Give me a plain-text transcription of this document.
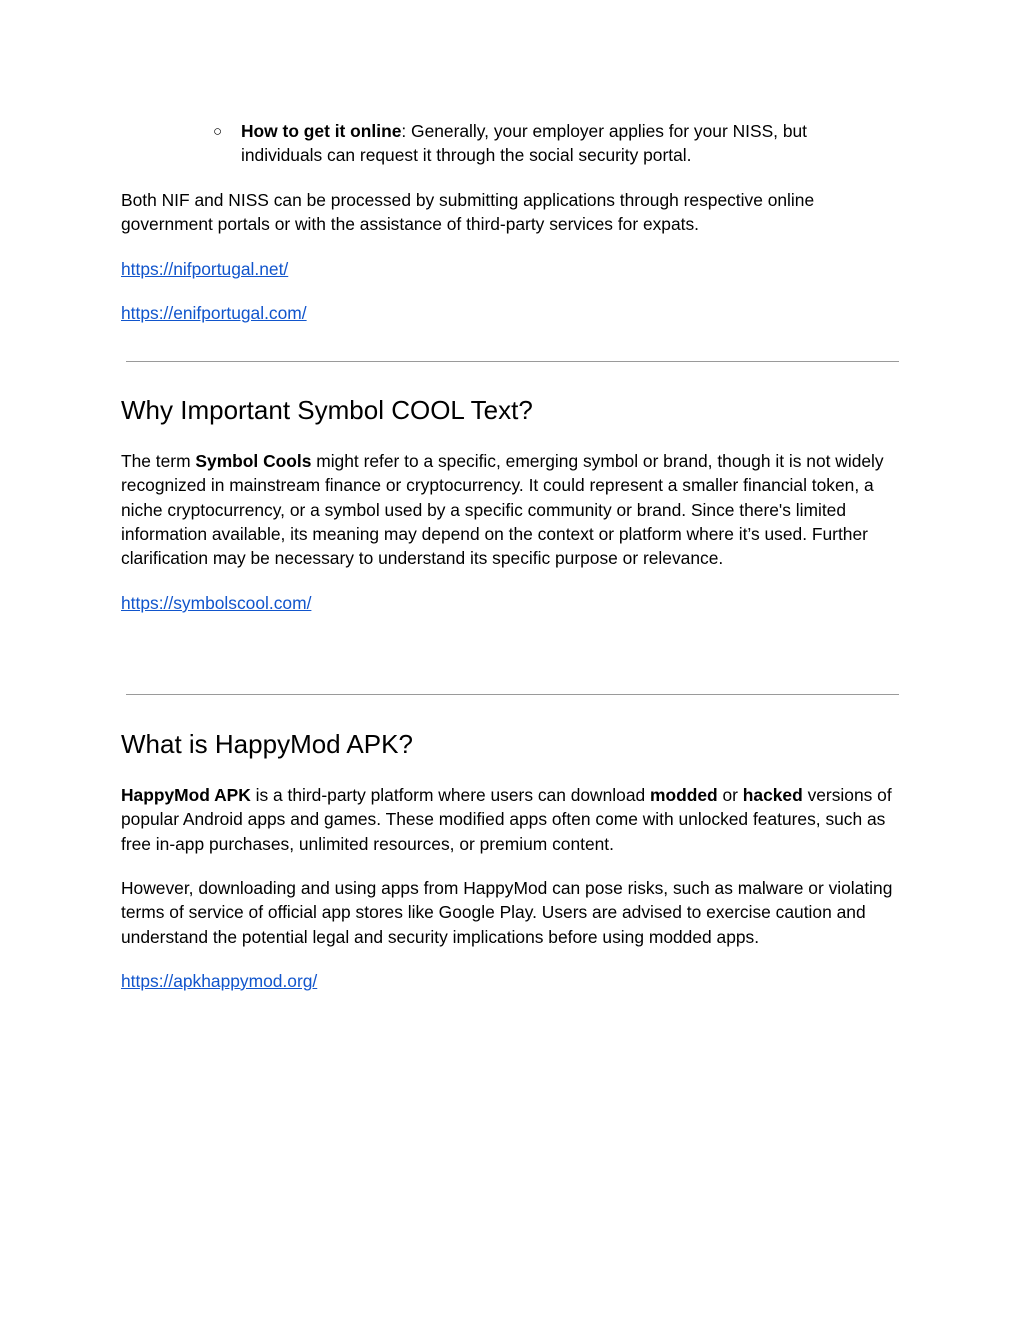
○ How to get it online: Generally, your employer applies for your NISS, but individuals can request it through the social security portal.

Both NIF and NISS can be processed by submitting applications through respective online government portals or with the assistance of third-party services for expats.

https://nifportugal.net/

https://enifportugal.com/

Why Important Symbol COOL Text?

The term Symbol Cools might refer to a specific, emerging symbol or brand, though it is not widely recognized in mainstream finance or cryptocurrency. It could represent a smaller financial token, a niche cryptocurrency, or a symbol used by a specific community or brand. Since there's limited information available, its meaning may depend on the context or platform where it’s used. Further clarification may be necessary to understand its specific purpose or relevance.

https://symbolscool.com/

What is HappyMod APK?

HappyMod APK is a third-party platform where users can download modded or hacked versions of popular Android apps and games. These modified apps often come with unlocked features, such as free in-app purchases, unlimited resources, or premium content.

However, downloading and using apps from HappyMod can pose risks, such as malware or violating terms of service of official app stores like Google Play. Users are advised to exercise caution and understand the potential legal and security implications before using modded apps.

https://apkhappymod.org/
